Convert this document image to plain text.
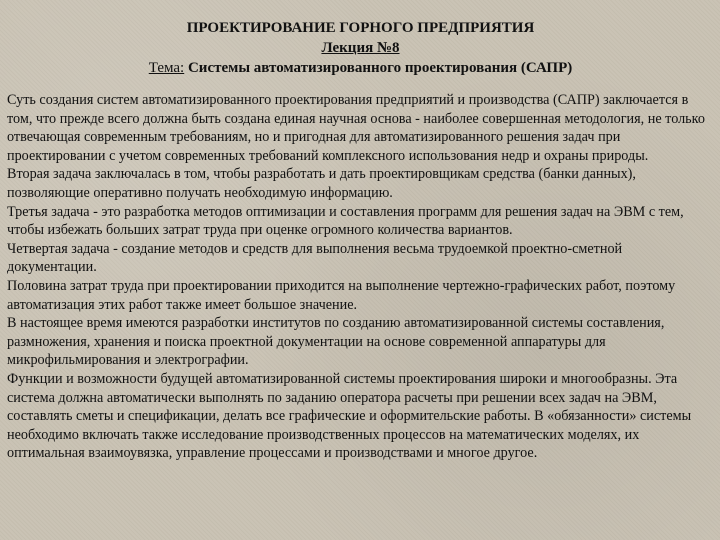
ПРОЕКТИРОВАНИЕ ГОРНОГО ПРЕДПРИЯТИЯ
Лекция №8
Тема: Системы автоматизированного проектирования (САПР)

Суть создания систем автоматизированного проектирования предприятий и производства (САПР) заключается в том, что прежде всего должна быть создана единая научная основа - наиболее совершенная методология, не только отвечающая современным требованиям, но и пригодная для автоматизированного решения задач при проектировании с учетом современных требований комплексного использования недр и охраны природы.

Вторая задача заключалась в том, чтобы разработать и дать проектировщикам средства (банки данных), позволяющие оперативно получать необходимую информацию.

Третья задача - это разработка методов оптимизации и составления программ для решения задач на ЭВМ с тем, чтобы избежать больших затрат труда при оценке огромного количества вариантов.

Четвертая задача - создание методов и средств для выполнения весьма трудоемкой проектно-сметной документации.

Половина затрат труда при проектировании приходится на выполнение чертежно-графических работ, поэтому автоматизация этих работ также имеет большое значение.

В настоящее время имеются разработки институтов по созданию автоматизированной системы составления, размножения, хранения и поиска проектной документации на основе современной аппаратуры для микрофильмирования и электрографии.

Функции и возможности будущей автоматизированной системы проектирования широки и многообразны. Эта система должна автоматически выполнять по заданию оператора расчеты при решении всех задач на ЭВМ, составлять сметы и спецификации, делать все графические и оформительские работы. В «обязанности» системы необходимо включать также исследование производственных процессов на математических моделях, их оптимальная взаимоувязка, управление процессами и производствами и многое другое.
